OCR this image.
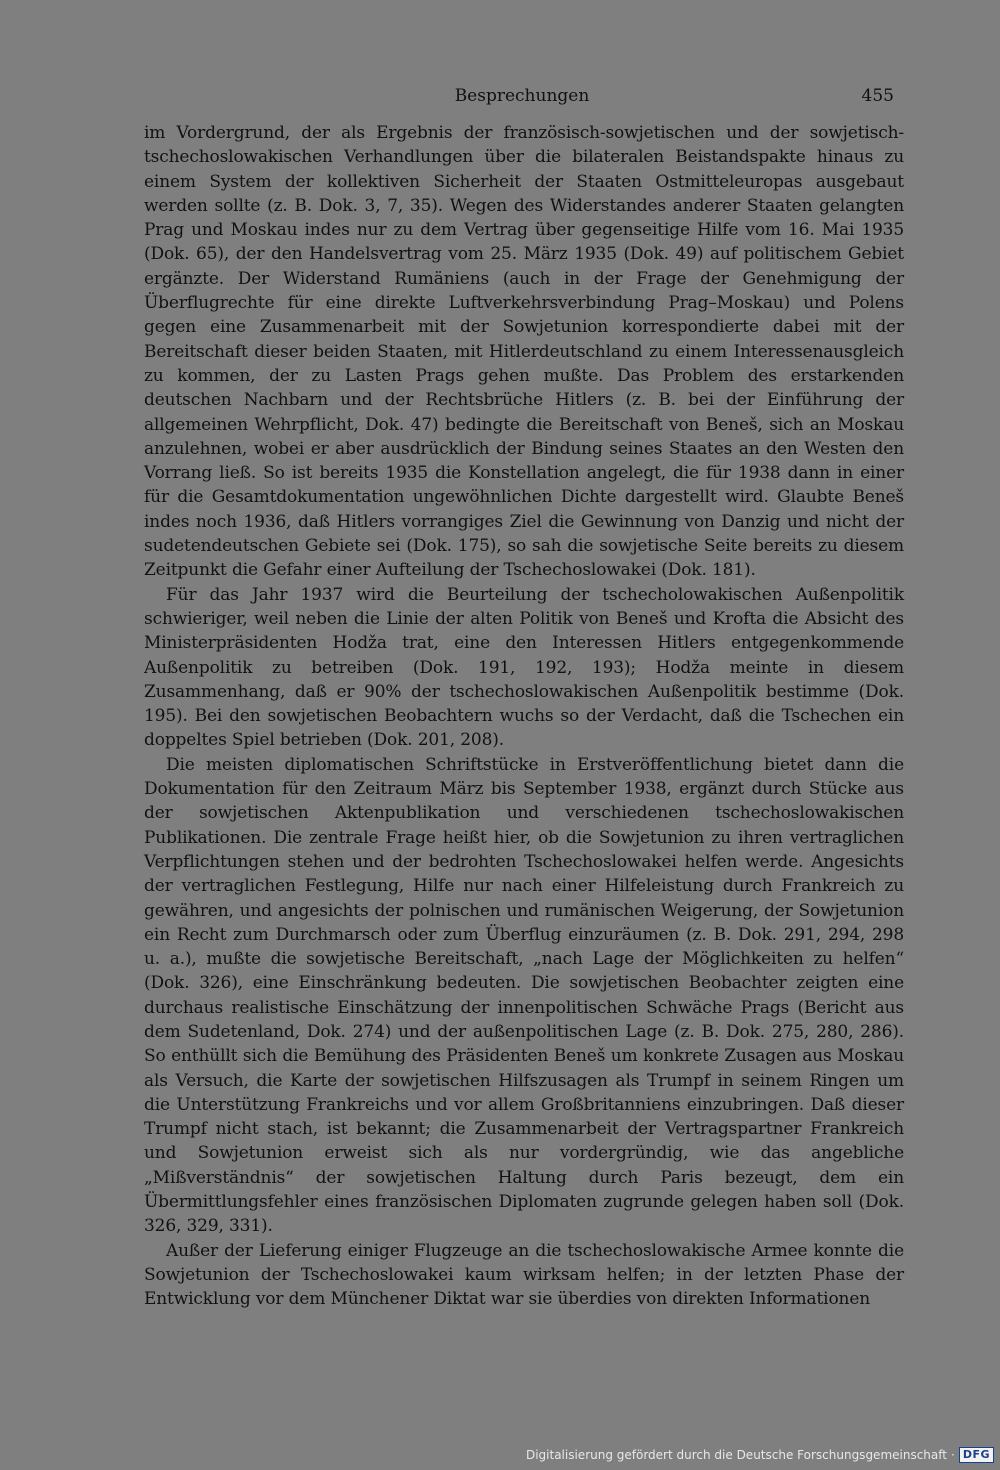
Besprechungen	455

im Vordergrund, der als Ergebnis der französisch-sowjetischen und der sowjetisch-tschechoslowakischen Verhandlungen über die bilateralen Beistandspakte hinaus zu einem System der kollektiven Sicherheit der Staaten Ostmitteleuropas ausgebaut werden sollte (z. B. Dok. 3, 7, 35). Wegen des Widerstandes anderer Staaten gelangten Prag und Moskau indes nur zu dem Vertrag über gegenseitige Hilfe vom 16. Mai 1935 (Dok. 65), der den Handelsvertrag vom 25. März 1935 (Dok. 49) auf politischem Gebiet ergänzte. Der Widerstand Rumäniens (auch in der Frage der Genehmigung der Überflugrechte für eine direkte Luftverkehrsverbindung Prag–Moskau) und Polens gegen eine Zusammenarbeit mit der Sowjetunion korrespondierte dabei mit der Bereitschaft dieser beiden Staaten, mit Hitlerdeutschland zu einem Interessenausgleich zu kommen, der zu Lasten Prags gehen mußte. Das Problem des erstarkenden deutschen Nachbarn und der Rechtsbrüche Hitlers (z. B. bei der Einführung der allgemeinen Wehrpflicht, Dok. 47) bedingte die Bereitschaft von Beneš, sich an Moskau anzulehnen, wobei er aber ausdrücklich der Bindung seines Staates an den Westen den Vorrang ließ. So ist bereits 1935 die Konstellation angelegt, die für 1938 dann in einer für die Gesamtdokumentation ungewöhnlichen Dichte dargestellt wird. Glaubte Beneš indes noch 1936, daß Hitlers vorrangiges Ziel die Gewinnung von Danzig und nicht der sudetendeutschen Gebiete sei (Dok. 175), so sah die sowjetische Seite bereits zu diesem Zeitpunkt die Gefahr einer Aufteilung der Tschechoslowakei (Dok. 181).

Für das Jahr 1937 wird die Beurteilung der tschecholowakischen Außenpolitik schwieriger, weil neben die Linie der alten Politik von Beneš und Krofta die Absicht des Ministerpräsidenten Hodža trat, eine den Interessen Hitlers entgegenkommende Außenpolitik zu betreiben (Dok. 191, 192, 193); Hodža meinte in diesem Zusammenhang, daß er 90% der tschechoslowakischen Außenpolitik bestimme (Dok. 195). Bei den sowjetischen Beobachtern wuchs so der Verdacht, daß die Tschechen ein doppeltes Spiel betrieben (Dok. 201, 208).

Die meisten diplomatischen Schriftstücke in Erstveröffentlichung bietet dann die Dokumentation für den Zeitraum März bis September 1938, ergänzt durch Stücke aus der sowjetischen Aktenpublikation und verschiedenen tschechoslowakischen Publikationen. Die zentrale Frage heißt hier, ob die Sowjetunion zu ihren vertraglichen Verpflichtungen stehen und der bedrohten Tschechoslowakei helfen werde. Angesichts der vertraglichen Festlegung, Hilfe nur nach einer Hilfeleistung durch Frankreich zu gewähren, und angesichts der polnischen und rumänischen Weigerung, der Sowjetunion ein Recht zum Durchmarsch oder zum Überflug einzuräumen (z. B. Dok. 291, 294, 298 u. a.), mußte die sowjetische Bereitschaft, „nach Lage der Möglichkeiten zu helfen“ (Dok. 326), eine Einschränkung bedeuten. Die sowjetischen Beobachter zeigten eine durchaus realistische Einschätzung der innenpolitischen Schwäche Prags (Bericht aus dem Sudetenland, Dok. 274) und der außenpolitischen Lage (z. B. Dok. 275, 280, 286). So enthüllt sich die Bemühung des Präsidenten Beneš um konkrete Zusagen aus Moskau als Versuch, die Karte der sowjetischen Hilfszusagen als Trumpf in seinem Ringen um die Unterstützung Frankreichs und vor allem Großbritanniens einzubringen. Daß dieser Trumpf nicht stach, ist bekannt; die Zusammenarbeit der Vertragspartner Frankreich und Sowjetunion erweist sich als nur vordergründig, wie das angebliche „Mißverständnis“ der sowjetischen Haltung durch Paris bezeugt, dem ein Übermittlungsfehler eines französischen Diplomaten zugrunde gelegen haben soll (Dok. 326, 329, 331).

Außer der Lieferung einiger Flugzeuge an die tschechoslowakische Armee konnte die Sowjetunion der Tschechoslowakei kaum wirksam helfen; in der letzten Phase der Entwicklung vor dem Münchener Diktat war sie überdies von direkten Informationen

Digitalisierung gefördert durch die Deutsche Forschungsgemeinschaft · DFG
